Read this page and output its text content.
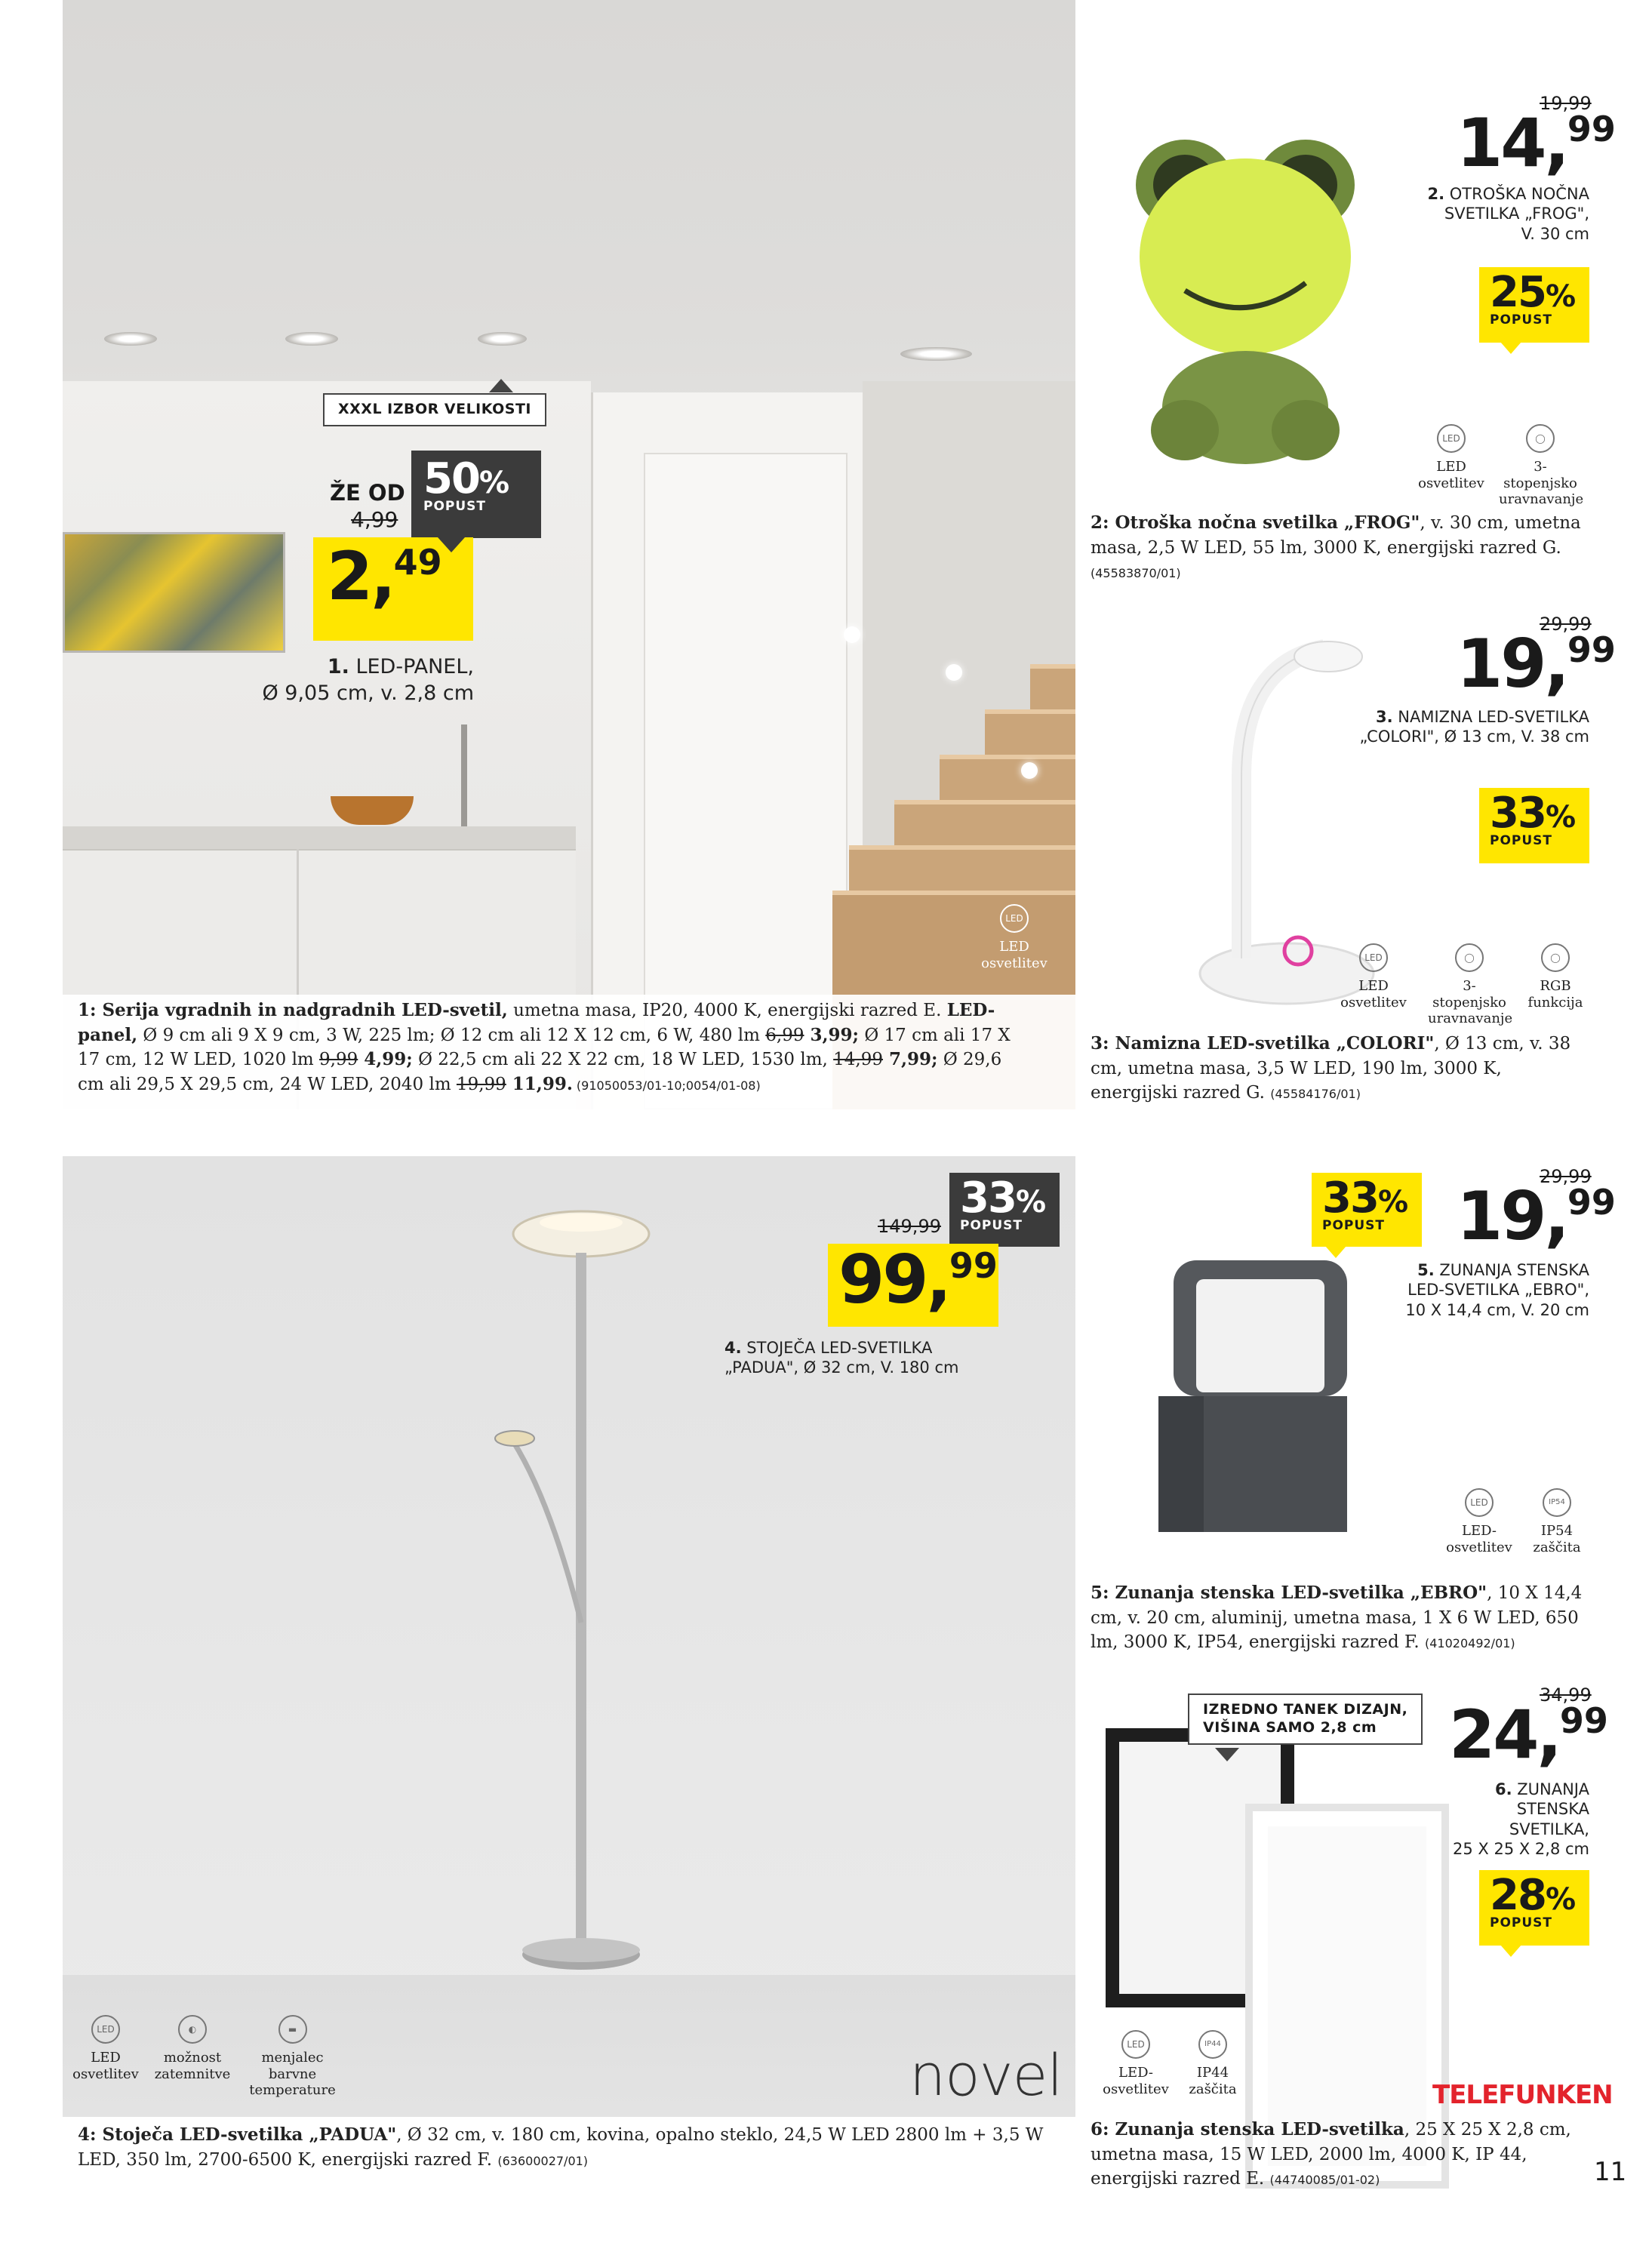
XXXL IZBOR VELIKOSTI
ŽE OD
4,99
50%
POPUST
2,49
1. LED-PANEL,
Ø 9,05 cm, v. 2,8 cm
LED
LED osvetlitev
1: Serija vgradnih in nadgradnih LED-svetil, umetna masa, IP20, 4000 K, energijski razred E. LED-panel, Ø 9 cm ali 9 X 9 cm, 3 W, 225 lm; Ø 12 cm ali 12 X 12 cm, 6 W, 480 lm 6,99 3,99; Ø 17 cm ali 17 X 17 cm, 12 W LED, 1020 lm 9,99 4,99; Ø 22,5 cm ali 22 X 22 cm, 18 W LED, 1530 lm, 14,99 7,99; Ø 29,6 cm ali 29,5 X 29,5 cm, 24 W LED, 2040 lm 19,99 11,99. (91050053/01-10;0054/01-08)
19,99
14,99
2. OTROŠKA NOČNA
SVETILKA „FROG",
V. 30 cm
25%
POPUST
LED
LED osvetlitev
◯
3-stopenjsko uravnavanje
2: Otroška nočna svetilka „FROG", v. 30 cm, umetna masa, 2,5 W LED, 55 lm, 3000 K, energijski razred G.
(45583870/01)
29,99
19,99
3. NAMIZNA LED-SVETILKA
„COLORI", Ø 13 cm, V. 38 cm
33%
POPUST
LED
LED osvetlitev
◯
3-stopenjsko uravnavanje
◯
RGB funkcija
3: Namizna LED-svetilka „COLORI", Ø 13 cm, v. 38 cm, umetna masa, 3,5 W LED, 190 lm, 3000 K, energijski razred G. (45584176/01)
149,99
33%
POPUST
99,99
4. STOJEČA LED-SVETILKA
„PADUA", Ø 32 cm, V. 180 cm
LED
LED osvetlitev
◐
možnost zatemnitve
▬
menjalec barvne temperature	novel
4: Stoječa LED-svetilka „PADUA", Ø 32 cm, v. 180 cm, kovina, opalno steklo, 24,5 W LED 2800 lm + 3,5 W LED, 350 lm, 2700-6500 K, energijski razred F. (63600027/01)
33%
POPUST
29,99
19,99
5. ZUNANJA STENSKA
LED-SVETILKA „EBRO",
10 X 14,4 cm, V. 20 cm
LED
LED-osvetlitev
IP54
IP54 zaščita
5: Zunanja stenska LED-svetilka „EBRO", 10 X 14,4 cm, v. 20 cm, aluminij, umetna masa, 1 X 6 W LED, 650 lm, 3000 K, IP54, energijski razred F. (41020492/01)
IZREDNO TANEK DIZAJN,
VIŠINA SAMO 2,8 cm
34,99
24,99
6. ZUNANJA
STENSKA
SVETILKA,
25 X 25 X 2,8 cm
28%
POPUST
LED
LED-osvetlitev
IP44
IP44 zaščita	TELEFUNKEN
6: Zunanja stenska LED-svetilka, 25 X 25 X 2,8 cm, umetna masa, 15 W LED, 2000 lm, 4000 K, IP 44, energijski razred E. (44740085/01-02)	11
